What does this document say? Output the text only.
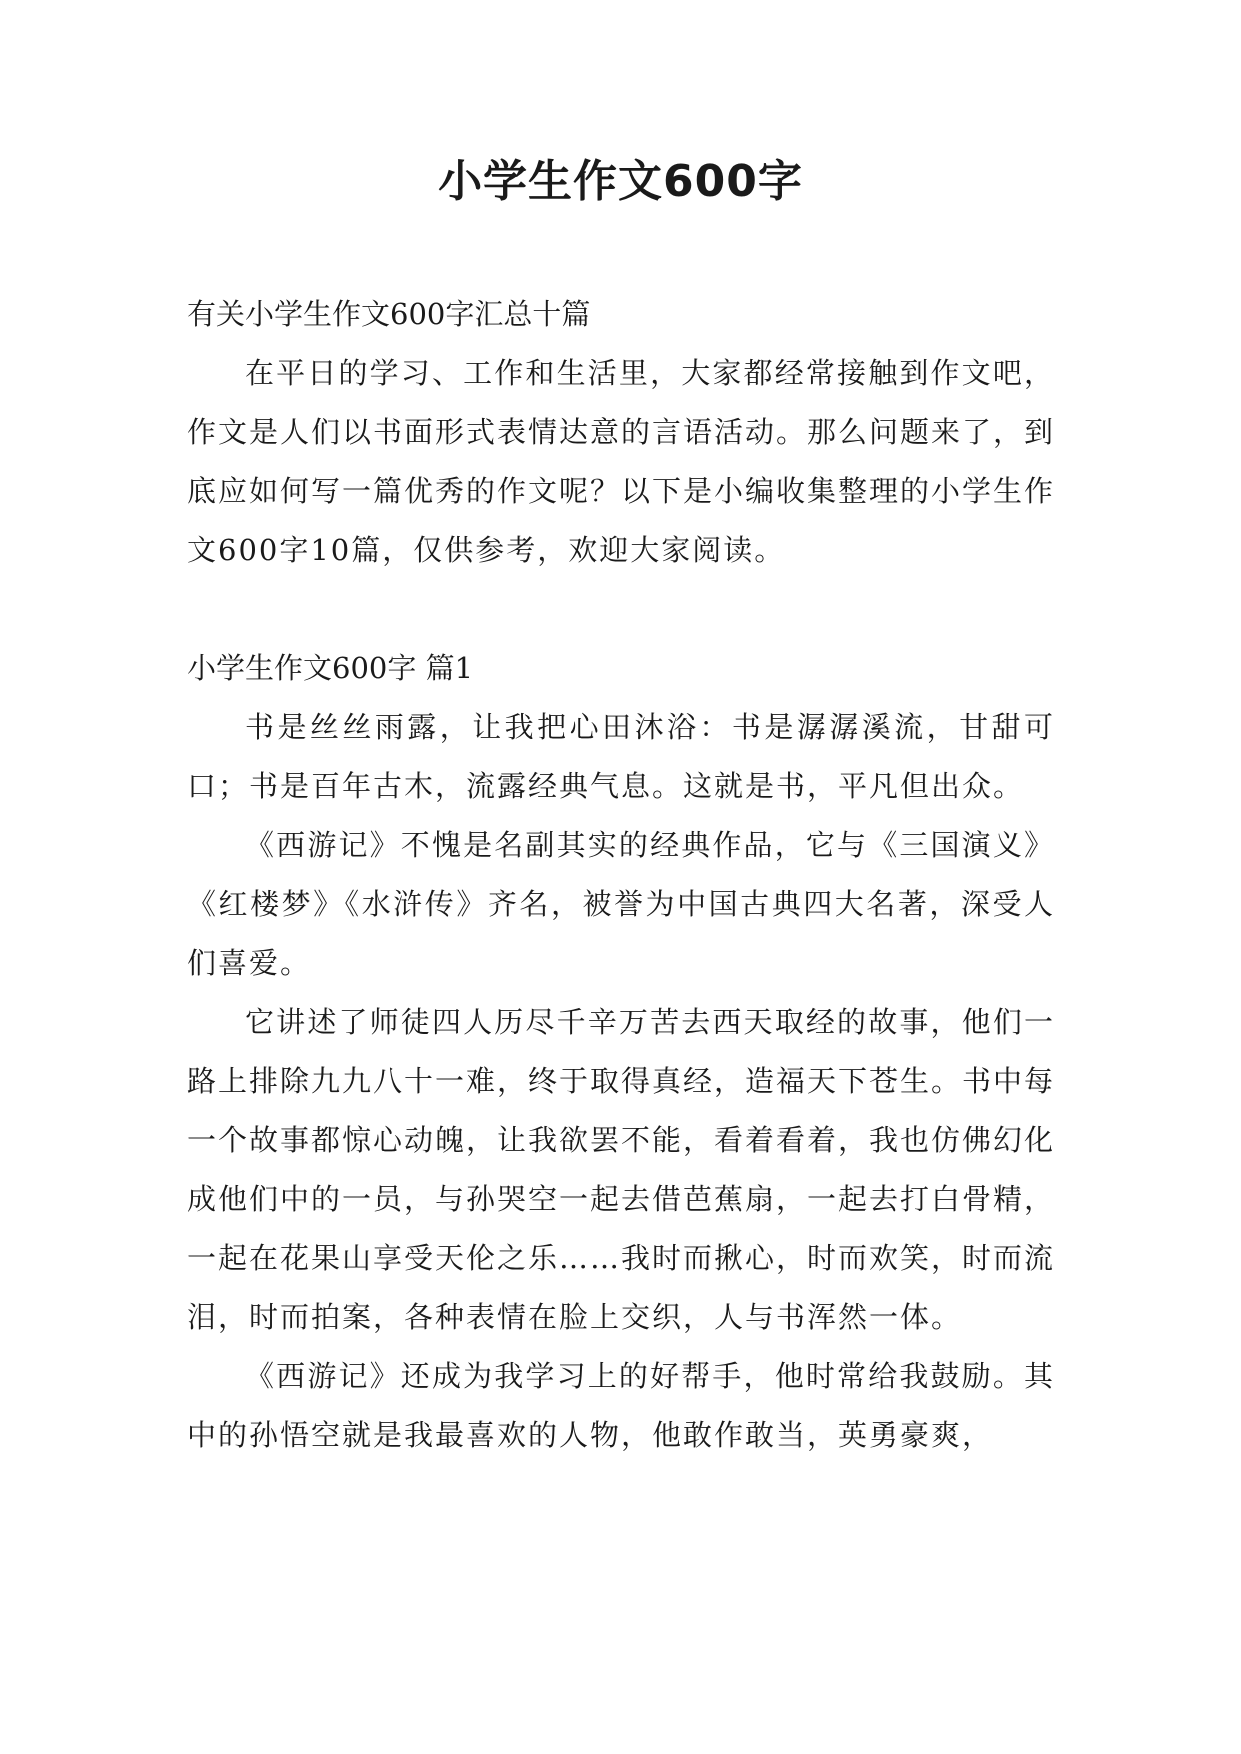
小学生作文600字

有关小学生作文600字汇总十篇

在平日的学习、工作和生活里，大家都经常接触到作文吧，作文是人们以书面形式表情达意的言语活动。那么问题来了，到底应如何写一篇优秀的作文呢？以下是小编收集整理的小学生作文600字10篇，仅供参考，欢迎大家阅读。

小学生作文600字 篇1

书是丝丝雨露，让我把心田沐浴：书是潺潺溪流，甘甜可口；书是百年古木，流露经典气息。这就是书，平凡但出众。

《西游记》不愧是名副其实的经典作品，它与《三国演义》《红楼梦》《水浒传》齐名，被誉为中国古典四大名著，深受人们喜爱。

它讲述了师徒四人历尽千辛万苦去西天取经的故事，他们一路上排除九九八十一难，终于取得真经，造福天下苍生。书中每一个故事都惊心动魄，让我欲罢不能，看着看着，我也仿佛幻化成他们中的一员，与孙哭空一起去借芭蕉扇，一起去打白骨精，一起在花果山享受天伦之乐……我时而揪心，时而欢笑，时而流泪，时而拍案，各种表情在脸上交织，人与书浑然一体。

《西游记》还成为我学习上的好帮手，他时常给我鼓励。其中的孙悟空就是我最喜欢的人物，他敢作敢当，英勇豪爽，
